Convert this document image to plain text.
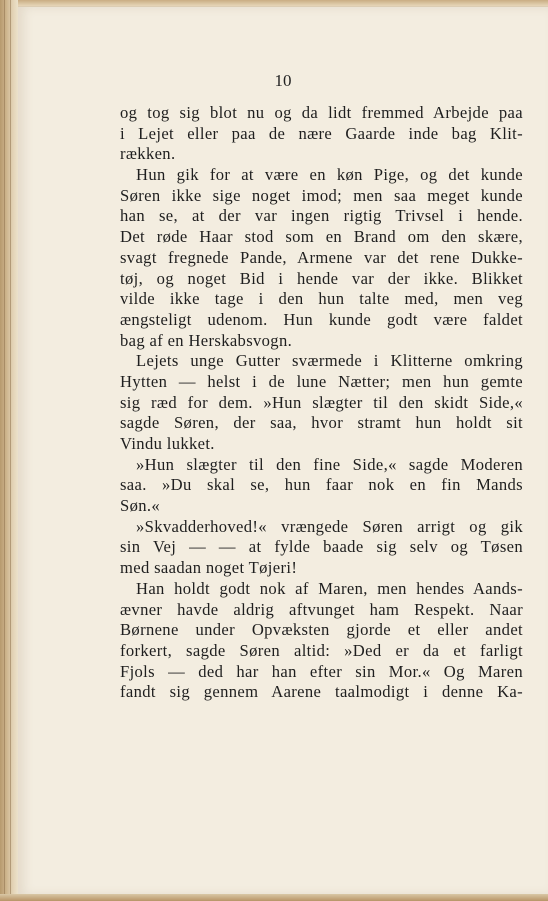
10
og tog sig blot nu og da lidt fremmed Arbejde paa
i Lejet eller paa de nære Gaarde inde bag Klit-
rækken.
Hun gik for at være en køn Pige, og det kunde
Søren ikke sige noget imod; men saa meget kunde
han se, at der var ingen rigtig Trivsel i hende.
Det røde Haar stod som en Brand om den skære,
svagt fregnede Pande, Armene var det rene Dukke-
tøj, og noget Bid i hende var der ikke. Blikket
vilde ikke tage i den hun talte med, men veg
ængsteligt udenom. Hun kunde godt være faldet
bag af en Herskabsvogn.
Lejets unge Gutter sværmede i Klitterne omkring
Hytten — helst i de lune Nætter; men hun gemte
sig ræd for dem. »Hun slægter til den skidt Side,«
sagde Søren, der saa, hvor stramt hun holdt sit
Vindu lukket.
»Hun slægter til den fine Side,« sagde Moderen
saa. »Du skal se, hun faar nok en fin Mands
Søn.«
»Skvadderhoved!« vrængede Søren arrigt og gik
sin Vej — — at fylde baade sig selv og Tøsen
med saadan noget Tøjeri!
Han holdt godt nok af Maren, men hendes Aands-
ævner havde aldrig aftvunget ham Respekt. Naar
Børnene under Opvæksten gjorde et eller andet
forkert, sagde Søren altid: »Ded er da et farligt
Fjols — ded har han efter sin Mor.« Og Maren
fandt sig gennem Aarene taalmodigt i denne Ka-
